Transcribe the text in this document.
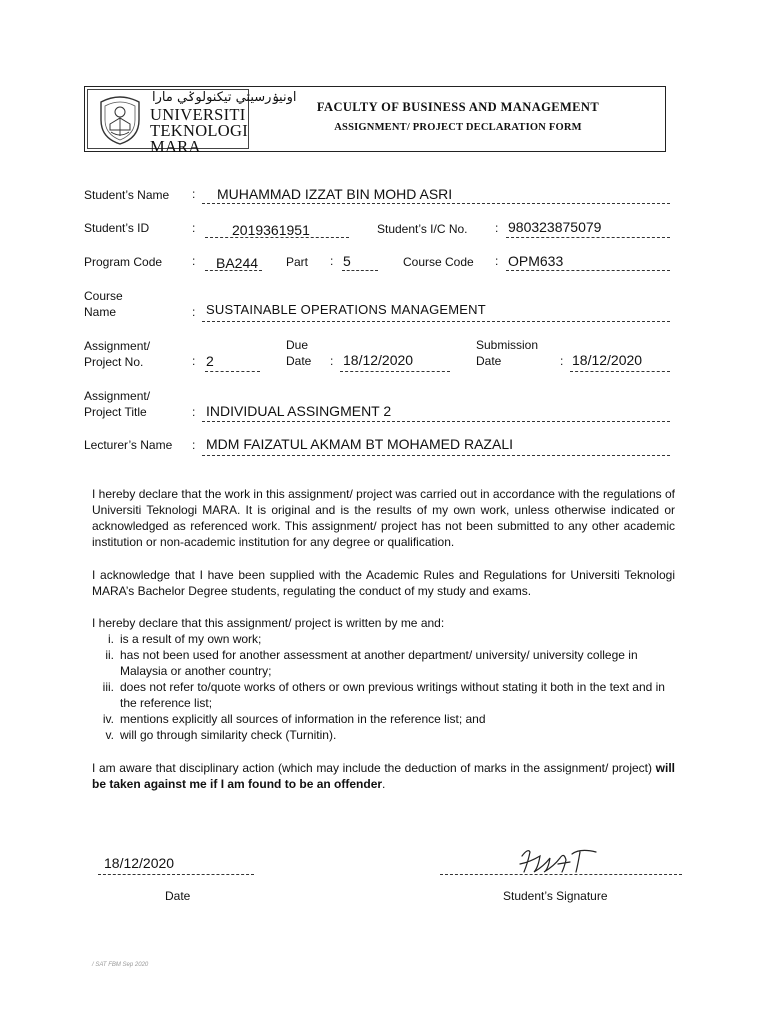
اونيۏرسيتي تيکنولوݢي مارا
UNIVERSITI
TEKNOLOGI
MARA
FACULTY OF BUSINESS AND MANAGEMENT
ASSIGNMENT/ PROJECT DECLARATION FORM
Student’s Name : MUHAMMAD IZZAT BIN MOHD ASRI
Student’s ID	:	2019361951	Student’s I/C No. : 980323875079
Program Code : BA244 Part : 5	Course Code : OPM633
Course
Name	: SUSTAINABLE OPERATIONS MANAGEMENT
Assignment/
Project No.	: 2
Due
Date : 18/12/2020
Submission
Date	: 18/12/2020
Assignment/
Project Title	: INDIVIDUAL ASSINGMENT 2
Lecturer’s Name : MDM FAIZATUL AKMAM BT MOHAMED RAZALI
I hereby declare that the work in this assignment/ project was carried out in accordance with the regulations of Universiti Teknologi MARA. It is original and is the results of my own work, unless otherwise indicated or acknowledged as referenced work. This assignment/ project has not been submitted to any other academic institution or non-academic institution for any degree or qualification.
I acknowledge that I have been supplied with the Academic Rules and Regulations for Universiti Teknologi MARA’s Bachelor Degree students, regulating the conduct of my study and exams.
I hereby declare that this assignment/ project is written by me and:
i. is a result of my own work;
ii. has not been used for another assessment at another department/ university/ university college in Malaysia or another country;
iii. does not refer to/quote works of others or own previous writings without stating it both in the text and in the reference list;
iv. mentions explicitly all sources of information in the reference list; and
v. will go through similarity check (Turnitin).
I am aware that disciplinary action (which may include the deduction of marks in the assignment/ project) will be taken against me if I am found to be an offender.
18/12/2020
Date	Student’s Signature
/ SAT FBM Sep 2020
